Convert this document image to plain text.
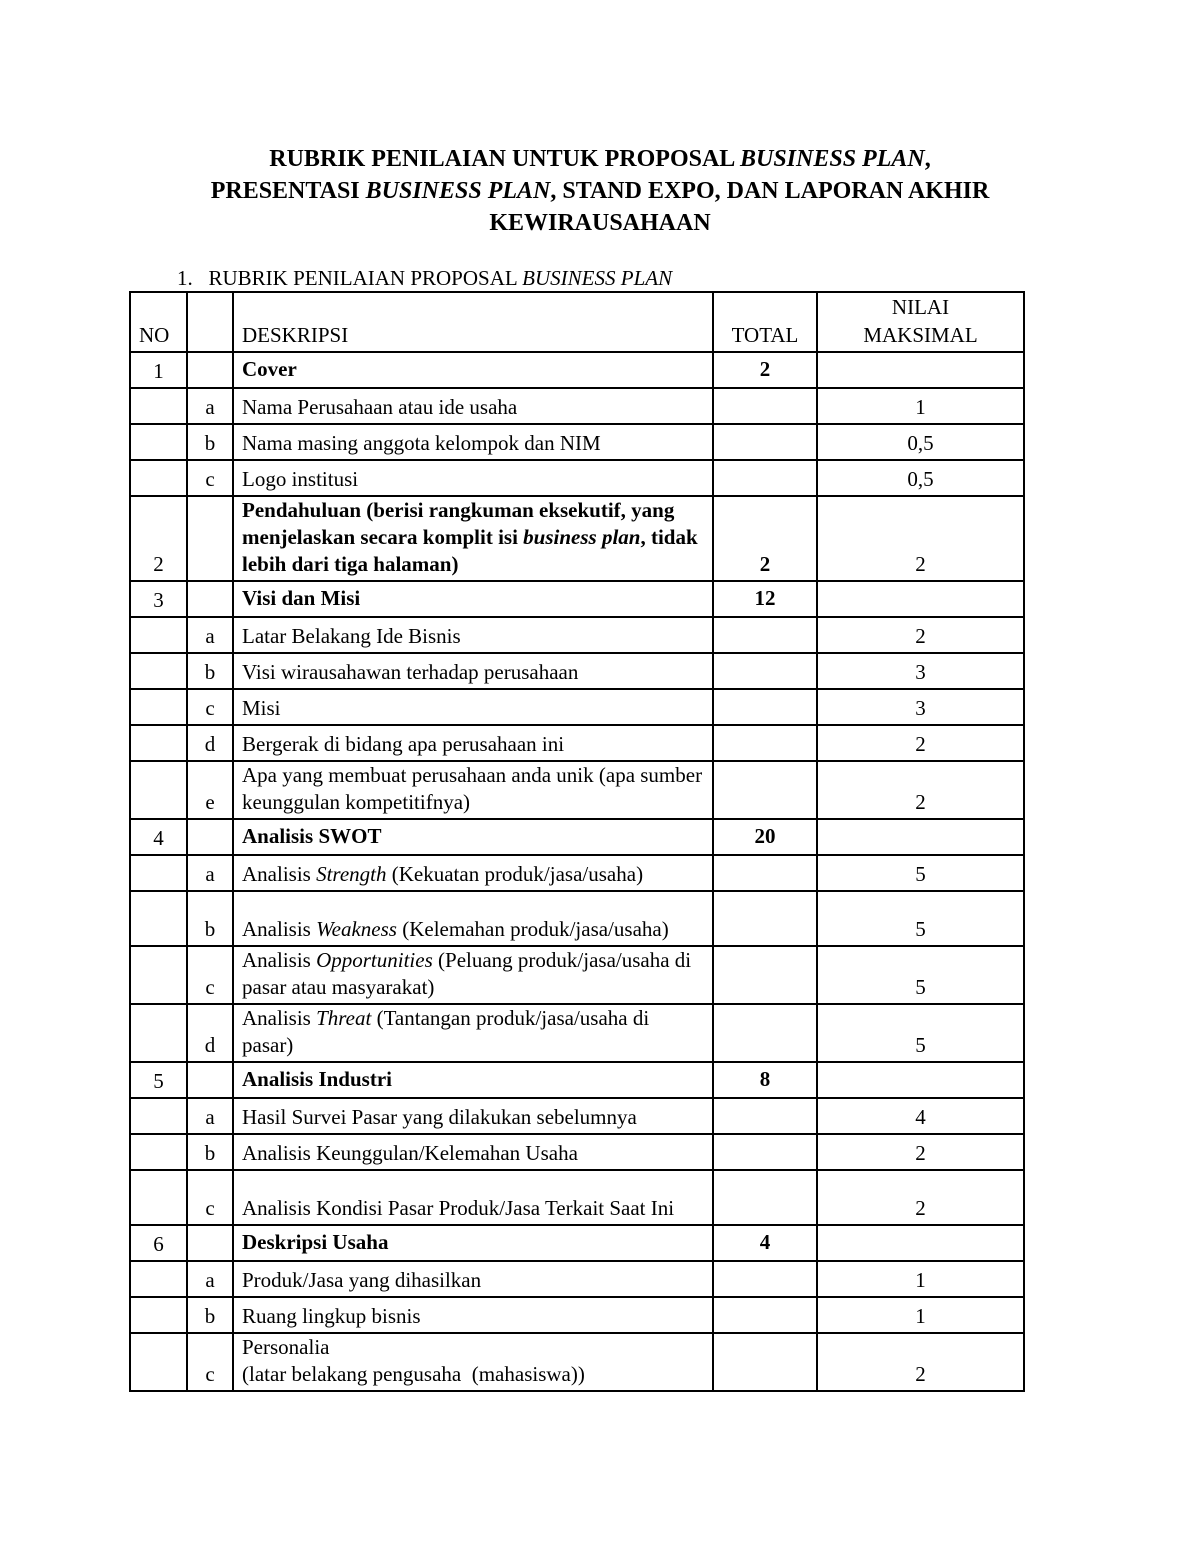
RUBRIK PENILAIAN UNTUK PROPOSAL BUSINESS PLAN,
PRESENTASI BUSINESS PLAN, STAND EXPO, DAN LAPORAN AKHIR
KEWIRAUSAHAAN
1. RUBRIK PENILAIAN PROPOSAL BUSINESS PLAN
NO		DESKRIPSI	TOTAL	NILAI MAKSIMAL
1		Cover	2	
	a	Nama Perusahaan atau ide usaha		1
	b	Nama masing anggota kelompok dan NIM		0,5
	c	Logo institusi		0,5
2		Pendahuluan (berisi rangkuman eksekutif, yang menjelaskan secara komplit isi business plan, tidak lebih dari tiga halaman)	2	2
3		Visi dan Misi	12	
	a	Latar Belakang Ide Bisnis		2
	b	Visi wirausahawan terhadap perusahaan		3
	c	Misi		3
	d	Bergerak di bidang apa perusahaan ini		2
	e	Apa yang membuat perusahaan anda unik (apa sumber keunggulan kompetitifnya)		2
4		Analisis SWOT	20	
	a	Analisis Strength (Kekuatan produk/jasa/usaha)		5
	b	Analisis Weakness (Kelemahan produk/jasa/usaha)		5
	c	Analisis Opportunities (Peluang produk/jasa/usaha di pasar atau masyarakat)		5
	d	Analisis Threat (Tantangan produk/jasa/usaha di pasar)		5
5		Analisis Industri	8	
	a	Hasil Survei Pasar yang dilakukan sebelumnya		4
	b	Analisis Keunggulan/Kelemahan Usaha		2
	c	Analisis Kondisi Pasar Produk/Jasa Terkait Saat Ini		2
6		Deskripsi Usaha	4	
	a	Produk/Jasa yang dihasilkan		1
	b	Ruang lingkup bisnis		1
	c	Personalia
(latar belakang pengusaha  (mahasiswa))		2
